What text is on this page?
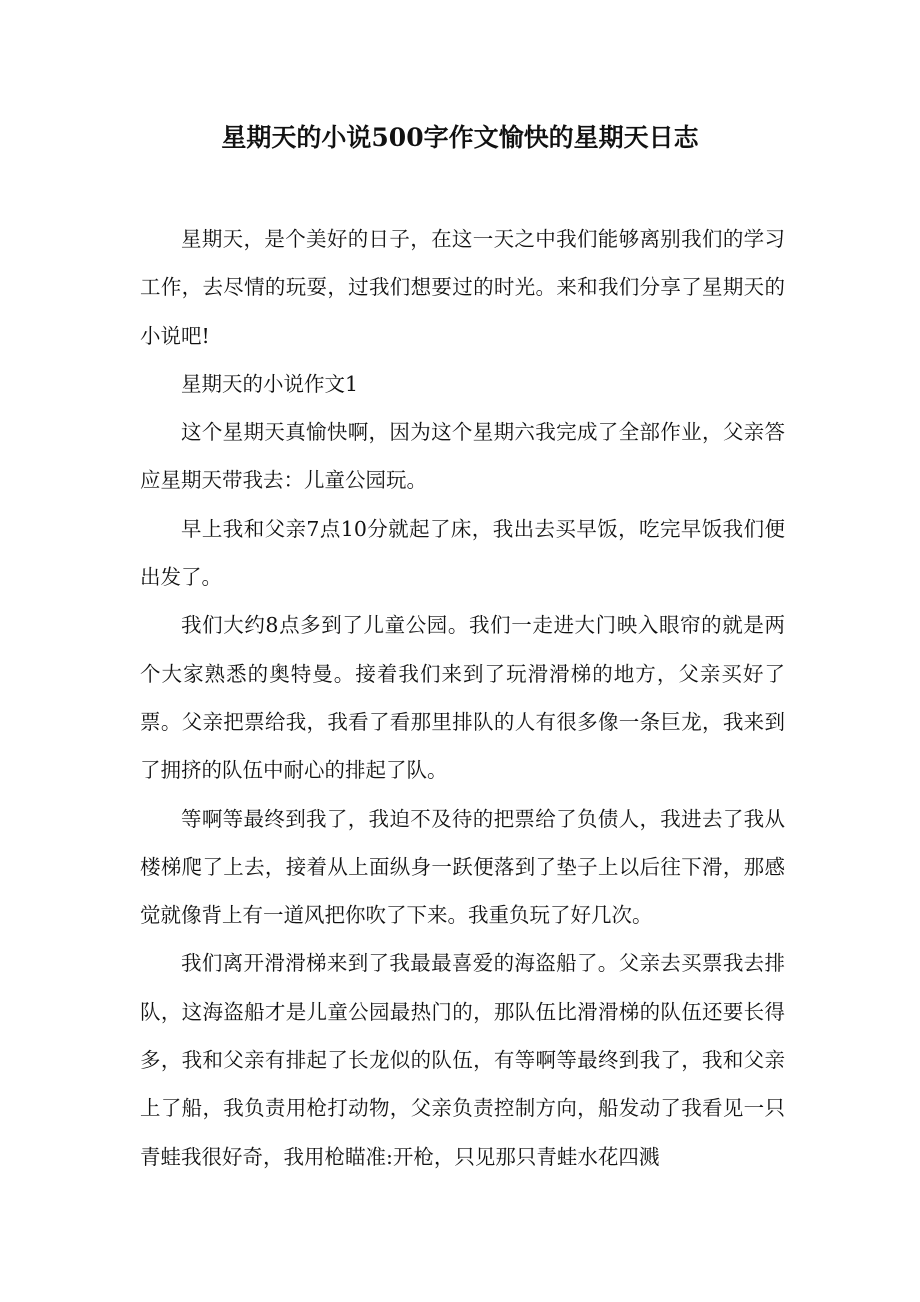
星期天的小说500字作文愉快的星期天日志

星期天，是个美好的日子，在这一天之中我们能够离别我们的学习工作，去尽情的玩耍，过我们想要过的时光。来和我们分享了星期天的小说吧!

星期天的小说作文1

这个星期天真愉快啊，因为这个星期六我完成了全部作业，父亲答应星期天带我去：儿童公园玩。

早上我和父亲7点10分就起了床，我出去买早饭，吃完早饭我们便出发了。

我们大约8点多到了儿童公园。我们一走进大门映入眼帘的就是两个大家熟悉的奥特曼。接着我们来到了玩滑滑梯的地方，父亲买好了票。父亲把票给我，我看了看那里排队的人有很多像一条巨龙，我来到了拥挤的队伍中耐心的排起了队。

等啊等最终到我了，我迫不及待的把票给了负债人，我进去了我从楼梯爬了上去，接着从上面纵身一跃便落到了垫子上以后往下滑，那感觉就像背上有一道风把你吹了下来。我重负玩了好几次。

我们离开滑滑梯来到了我最最喜爱的海盗船了。父亲去买票我去排队，这海盗船才是儿童公园最热门的，那队伍比滑滑梯的队伍还要长得多，我和父亲有排起了长龙似的队伍，有等啊等最终到我了，我和父亲上了船，我负责用枪打动物，父亲负责控制方向，船发动了我看见一只青蛙我很好奇，我用枪瞄准:开枪，只见那只青蛙水花四溅
